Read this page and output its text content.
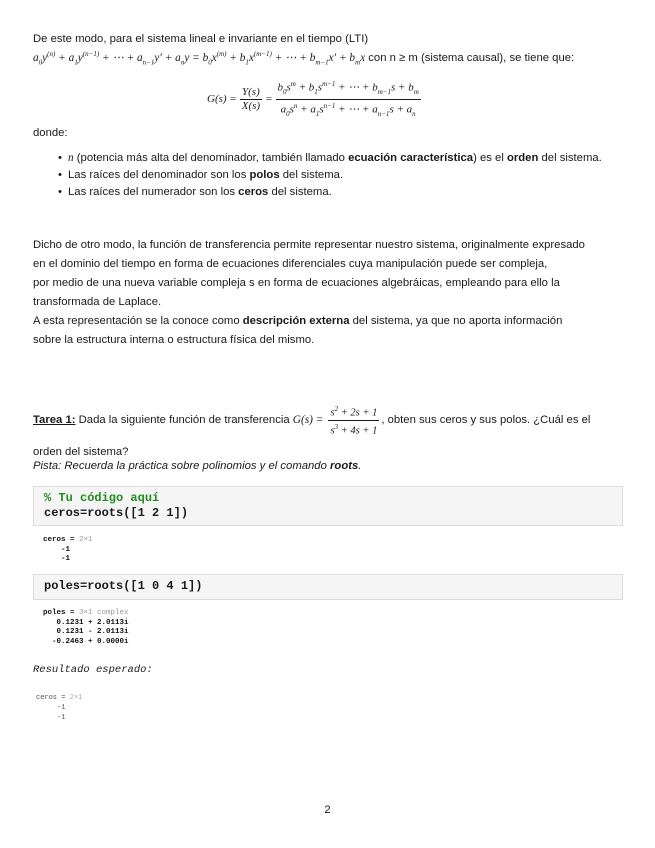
De este modo, para el sistema lineal e invariante en el tiempo (LTI)
$a_0y^{(n)} + a_1y^{(n-1)}$ + ⋯ + $a_{n-1}y' + a_ny = b_0x^{(m)} + b_1x^{(m-1)}$ + ⋯ + $b_{m-1}x' + b_mx$ con n ≥ m (sistema causal), se tiene que:
$G(s) = \frac{Y(s)}{X(s)} = \frac{b_0s^m + b_1s^{m-1} + \cdots + b_{m-1}s + b_m}{a_0s^n + a_1s^{n-1} + \cdots + a_{n-1}s + a_n}$
donde:
• n (potencia más alta del denominador, también llamado ecuación característica) es el orden del sistema.
• Las raíces del denominador son los polos del sistema.
• Las raíces del numerador son los ceros del sistema.
Dicho de otro modo, la función de transferencia permite representar nuestro sistema, originalmente expresado
en el dominio del tiempo en forma de ecuaciones diferenciales cuya manipulación puede ser compleja,
por medio de una nueva variable compleja s en forma de ecuaciones algebráicas, empleando para ello la
transformada de Laplace.
A esta representación se la conoce como descripción externa del sistema, ya que no aporta información
sobre la estructura interna o estructura física del mismo.
Tarea 1: Dada la siguiente función de transferencia $G(s) = \frac{s^2 + 2s + 1}{s^3 + 4s + 1}$ , obten sus ceros y sus polos. ¿Cuál es el
orden del sistema?
Pista: Recuerda la práctica sobre polinomios y el comando roots.
% Tu código aquí
ceros=roots([1 2 1])
ceros = 2×1
-1
-1
poles=roots([1 0 4 1])
poles = 3×1 complex
0.1231 + 2.0113i
0.1231 - 2.0113i
-0.2463 + 0.0000i
Resultado esperado:
ceros = 2×1
-1
-1
2
